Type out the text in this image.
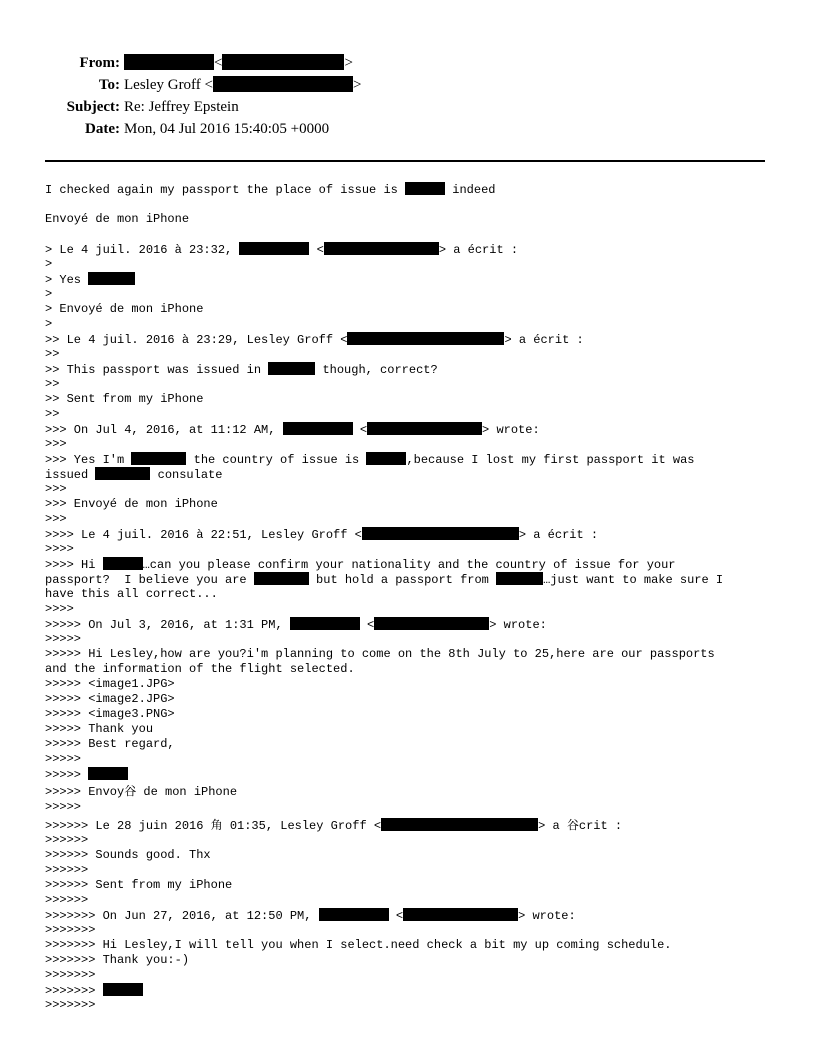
From:	<	>
To: Lesley Groff <	>
Subject: Re: Jeffrey Epstein
Date: Mon, 04 Jul 2016 15:40:05 +0000
I checked again my passport the place of issue is	indeed
Envoyé de mon iPhone
> Le 4 juil. 2016 à 23:32,	<	> a écrit :
>
> Yes
>
> Envoyé de mon iPhone
>
>> Le 4 juil. 2016 à 23:29, Lesley Groff <	> a écrit :
>>
>> This passport was issued in	though, correct?
>>
>> Sent from my iPhone
>>
>>> On Jul 4, 2016, at 11:12 AM,	<	> wrote:
>>>
>>> Yes I'm	the country of issue is	,because I lost my first passport it was
issued	consulate
>>>
>>> Envoyé de mon iPhone
>>>
>>>> Le 4 juil. 2016 à 22:51, Lesley Groff <	> a écrit :
>>>>
>>>> Hi	…can you please confirm your nationality and the country of issue for your
passport?  I believe you are	but hold a passport from	…just want to make sure I
have this all correct...
>>>>
>>>>> On Jul 3, 2016, at 1:31 PM,	<	> wrote:
>>>>>
>>>>> Hi Lesley,how are you?i'm planning to come on the 8th July to 25,here are our passports
and the information of the flight selected.
>>>>> <image1.JPG>
>>>>> <image2.JPG>
>>>>> <image3.PNG>
>>>>> Thank you
>>>>> Best regard,
>>>>>
>>>>>
>>>>> Envoy谷 de mon iPhone
>>>>>
>>>>>> Le 28 juin 2016 角 01:35, Lesley Groff <	> a 谷crit :
>>>>>>
>>>>>> Sounds good. Thx
>>>>>>
>>>>>> Sent from my iPhone
>>>>>>
>>>>>>> On Jun 27, 2016, at 12:50 PM,	<	> wrote:
>>>>>>>
>>>>>>> Hi Lesley,I will tell you when I select.need check a bit my up coming schedule.
>>>>>>> Thank you:-)
>>>>>>>
>>>>>>>
>>>>>>>
